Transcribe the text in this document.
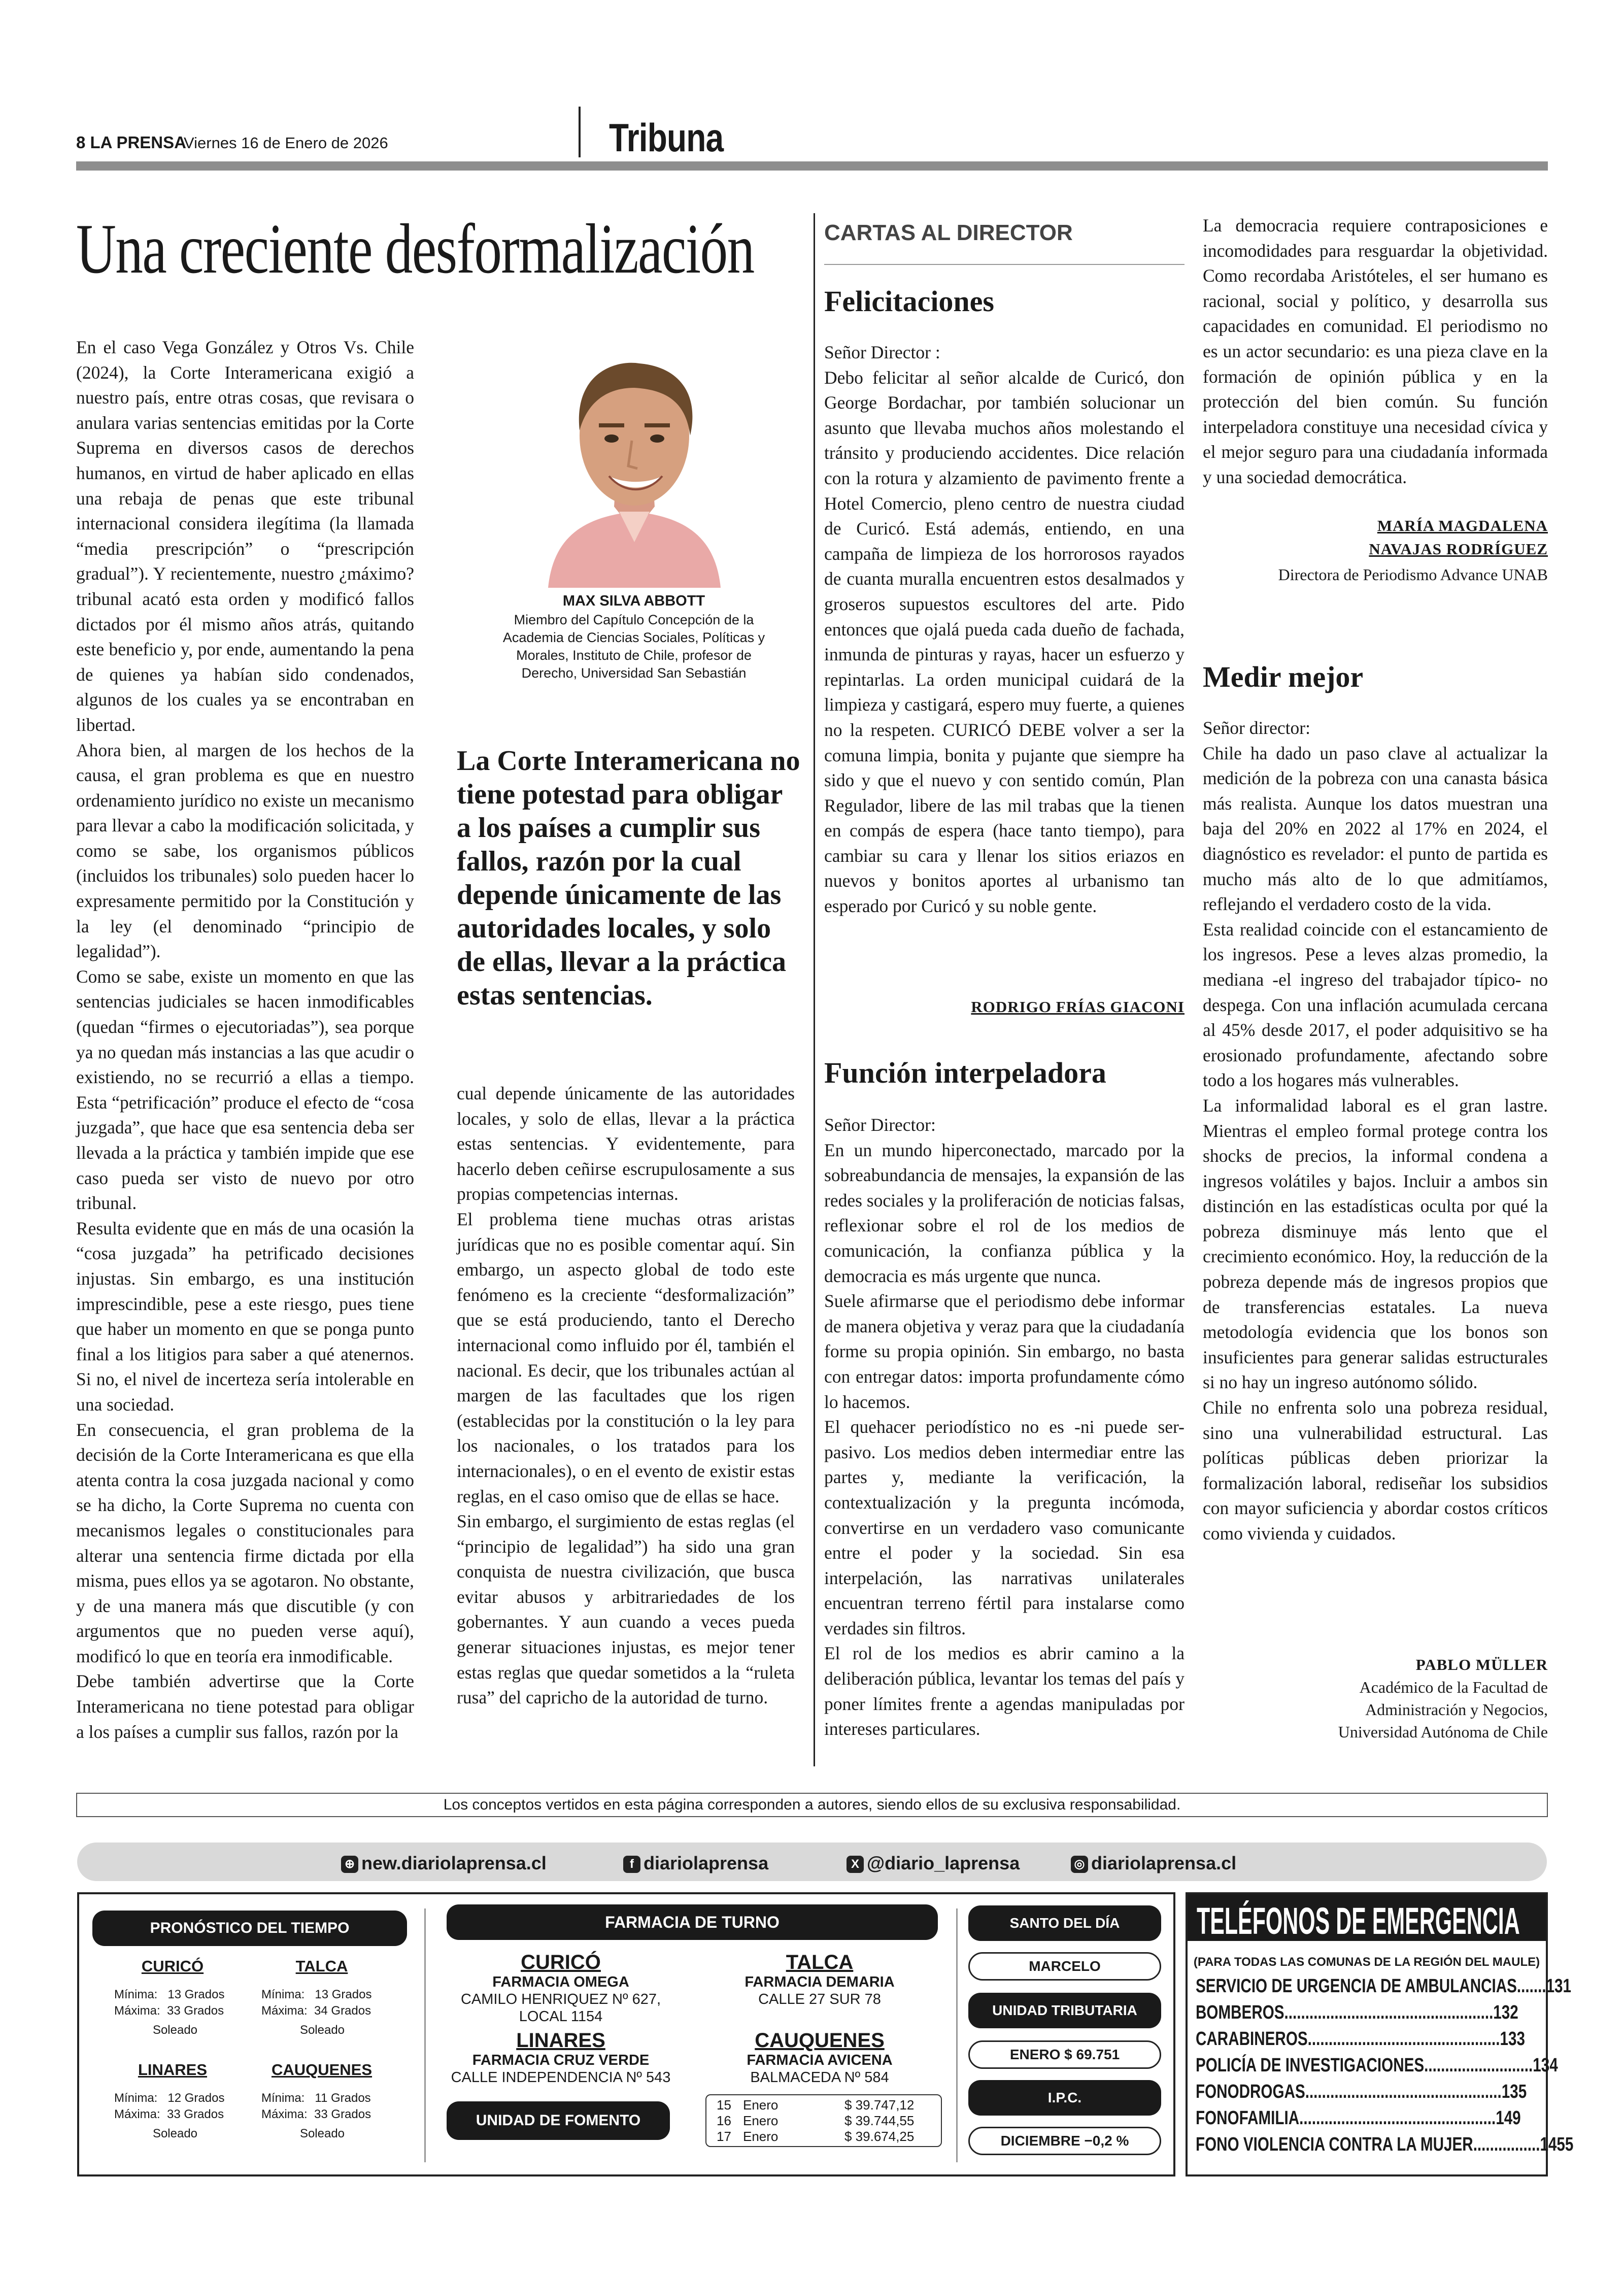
8 LA PRENSA
Viernes 16 de Enero de 2026	Tribuna
Una creciente desformalización

En el caso Vega González y Otros Vs. Chile (2024), la Corte Interamericana exigió a nuestro país, entre otras cosas, que revisara o anulara varias sentencias emitidas por la Corte Suprema en diversos casos de derechos humanos, en virtud de haber aplicado en ellas una rebaja de penas que este tribunal internacional considera ilegítima (la llamada “media prescripción” o “prescripción gradual”). Y recientemente, nuestro ¿máximo? tribunal acató esta orden y modificó fallos dictados por él mismo años atrás, quitando este beneficio y, por ende, aumentando la pena de quienes ya habían sido condenados, algunos de los cuales ya se encontraban en libertad.

Ahora bien, al margen de los hechos de la causa, el gran problema es que en nuestro ordenamiento jurídico no existe un mecanismo para llevar a cabo la modificación solicitada, y como se sabe, los organismos públicos (incluidos los tribunales) solo pueden hacer lo expresamente permitido por la Constitución y la ley (el denominado “principio de legalidad”).

Como se sabe, existe un momento en que las sentencias judiciales se hacen inmodificables (quedan “firmes o ejecutoriadas”), sea porque ya no quedan más instancias a las que acudir o existiendo, no se recurrió a ellas a tiempo. Esta “petrificación” produce el efecto de “cosa juzgada”, que hace que esa sentencia deba ser llevada a la práctica y también impide que ese caso pueda ser visto de nuevo por otro tribunal.

Resulta evidente que en más de una ocasión la “cosa juzgada” ha petrificado decisiones injustas. Sin embargo, es una institución imprescindible, pese a este riesgo, pues tiene que haber un momento en que se ponga punto final a los litigios para saber a qué atenernos. Si no, el nivel de incerteza sería intolerable en una sociedad.

En consecuencia, el gran problema de la decisión de la Corte Interamericana es que ella atenta contra la cosa juzgada nacional y como se ha dicho, la Corte Suprema no cuenta con mecanismos legales o constitucionales para alterar una sentencia firme dictada por ella misma, pues ellos ya se agotaron. No obstante, y de una manera más que discutible (y con argumentos que no pueden verse aquí), modificó lo que en teoría era inmodificable.

Debe también advertirse que la Corte Interamericana no tiene potestad para obligar a los países a cumplir sus fallos, razón por la

MAX SILVA ABBOTT
Miembro del Capítulo Concepción de la Academia de Ciencias Sociales, Políticas y Morales, Instituto de Chile, profesor de Derecho, Universidad San Sebastián
La Corte Interamericana no tiene potestad para obligar a los países a cumplir sus fallos, razón por la cual depende únicamente de las autoridades locales, y solo de ellas, llevar a la práctica estas sentencias.

cual depende únicamente de las autoridades locales, y solo de ellas, llevar a la práctica estas sentencias. Y evidentemente, para hacerlo deben ceñirse escrupulosamente a sus propias competencias internas.

El problema tiene muchas otras aristas jurídicas que no es posible comentar aquí. Sin embargo, un aspecto global de todo este fenómeno es la creciente “desformalización” que se está produciendo, tanto el Derecho internacional como influido por él, también el nacional. Es decir, que los tribunales actúan al margen de las facultades que los rigen (establecidas por la constitución o la ley para los nacionales, o los tratados para los internacionales), o en el evento de existir estas reglas, en el caso omiso que de ellas se hace.

Sin embargo, el surgimiento de estas reglas (el “principio de legalidad”) ha sido una gran conquista de nuestra civilización, que busca evitar abusos y arbitrariedades de los gobernantes. Y aun cuando a veces pueda generar situaciones injustas, es mejor tener estas reglas que quedar sometidos a la “ruleta rusa” del capricho de la autoridad de turno.

CARTAS AL DIRECTOR
Felicitaciones

Señor Director :

Debo felicitar al señor alcalde de Curicó, don George Bordachar, por también solucionar un asunto que llevaba muchos años molestando el tránsito y produciendo accidentes. Dice relación con la rotura y alzamiento de pavimento frente a Hotel Comercio, pleno centro de nuestra ciudad de Curicó. Está además, entiendo, en una campaña de limpieza de los horrorosos rayados de cuanta muralla encuentren estos desalmados y groseros supuestos escultores del arte. Pido entonces que ojalá pueda cada dueño de fachada, inmunda de pinturas y rayas, hacer un esfuerzo y repintarlas. La orden municipal cuidará de la limpieza y castigará, espero muy fuerte, a quienes no la respeten. CURICÓ DEBE volver a ser la comuna limpia, bonita y pujante que siempre ha sido y que el nuevo y con sentido común, Plan Regulador, libere de las mil trabas que la tienen en compás de espera (hace tanto tiempo), para cambiar su cara y llenar los sitios eriazos en nuevos y bonitos aportes al urbanismo tan esperado por Curicó y su noble gente.

RODRIGO FRÍAS GIACONI
Función interpeladora

Señor Director:

En un mundo hiperconectado, marcado por la sobreabundancia de mensajes, la expansión de las redes sociales y la proliferación de noticias falsas, reflexionar sobre el rol de los medios de comunicación, la confianza pública y la democracia es más urgente que nunca.

Suele afirmarse que el periodismo debe informar de manera objetiva y veraz para que la ciudadanía forme su propia opinión. Sin embargo, no basta con entregar datos: importa profundamente cómo lo hacemos.

El quehacer periodístico no es -ni puede ser- pasivo. Los medios deben intermediar entre las partes y, mediante la verificación, la contextualización y la pregunta incómoda, convertirse en un verdadero vaso comunicante entre el poder y la sociedad. Sin esa interpelación, las narrativas unilaterales encuentran terreno fértil para instalarse como verdades sin filtros.

El rol de los medios es abrir camino a la deliberación pública, levantar los temas del país y poner límites frente a agendas manipuladas por intereses particulares.

La democracia requiere contraposiciones e incomodidades para resguardar la objetividad. Como recordaba Aristóteles, el ser humano es racional, social y político, y desarrolla sus capacidades en comunidad. El periodismo no es un actor secundario: es una pieza clave en la formación de opinión pública y en la protección del bien común. Su función interpeladora constituye una necesidad cívica y el mejor seguro para una ciudadanía informada y una sociedad democrática.

MARÍA MAGDALENA
NAVAJAS RODRÍGUEZ
Directora de Periodismo Advance UNAB
Medir mejor

Señor director:

Chile ha dado un paso clave al actualizar la medición de la pobreza con una canasta básica más realista. Aunque los datos muestran una baja del 20% en 2022 al 17% en 2024, el diagnóstico es revelador: el punto de partida es mucho más alto de lo que admitíamos, reflejando el verdadero costo de la vida.

Esta realidad coincide con el estancamiento de los ingresos. Pese a leves alzas promedio, la mediana -el ingreso del trabajador típico- no despega. Con una inflación acumulada cercana al 45% desde 2017, el poder adquisitivo se ha erosionado profundamente, afectando sobre todo a los hogares más vulnerables.

La informalidad laboral es el gran lastre. Mientras el empleo formal protege contra los shocks de precios, la informal condena a ingresos volátiles y bajos. Incluir a ambos sin distinción en las estadísticas oculta por qué la pobreza disminuye más lento que el crecimiento económico. Hoy, la reducción de la pobreza depende más de ingresos propios que de transferencias estatales. La nueva metodología evidencia que los bonos son insuficientes para generar salidas estructurales si no hay un ingreso autónomo sólido.

Chile no enfrenta solo una pobreza residual, sino una vulnerabilidad estructural. Las políticas públicas deben priorizar la formalización laboral, rediseñar los subsidios con mayor suficiencia y abordar costos críticos como vivienda y cuidados.

PABLO MÜLLER
Académico de la Facultad de
Administración y Negocios,
Universidad Autónoma de Chile
Los conceptos vertidos en esta página corresponden a autores, siendo ellos de su exclusiva responsabilidad.
⊕ new.diariolaprensa.cl	f diariolaprensa	X @diario_laprensa	◎ diariolaprensa.cl
PRONÓSTICO DEL TIEMPO
CURICÓ
Mínima: 13 Grados
Máxima: 33 Grados
Soleado
TALCA
Mínima: 13 Grados
Máxima: 34 Grados
Soleado
LINARES
Mínima: 12 Grados
Máxima: 33 Grados
Soleado
CAUQUENES
Mínima: 11 Grados
Máxima: 33 Grados
Soleado
FARMACIA DE TURNO
CURICÓ
FARMACIA OMEGA
CAMILO HENRIQUEZ Nº 627, LOCAL 1154
TALCA
FARMACIA DEMARIA
CALLE 27 SUR 78
LINARES
FARMACIA CRUZ VERDE
CALLE INDEPENDENCIA Nº 543
CAUQUENES
FARMACIA AVICENA
BALMACEDA Nº 584
UNIDAD DE FOMENTO
15 Enero	$ 39.747,12
16 Enero	$ 39.744,55
17 Enero	$ 39.674,25
SANTO DEL DÍA
MARCELO
UNIDAD TRIBUTARIA
ENERO $ 69.751
I.P.C.
DICIEMBRE −0,2 %
TELÉFONOS DE EMERGENCIA
(PARA TODAS LAS COMUNAS DE LA REGIÓN DEL MAULE)
SERVICIO DE URGENCIA DE AMBULANCIAS.......131
BOMBEROS..................................................132
CARABINEROS..............................................133
POLICÍA DE INVESTIGACIONES..........................134
FONODROGAS...............................................135
FONOFAMILIA...............................................149
FONO VIOLENCIA CONTRA LA MUJER................1455
